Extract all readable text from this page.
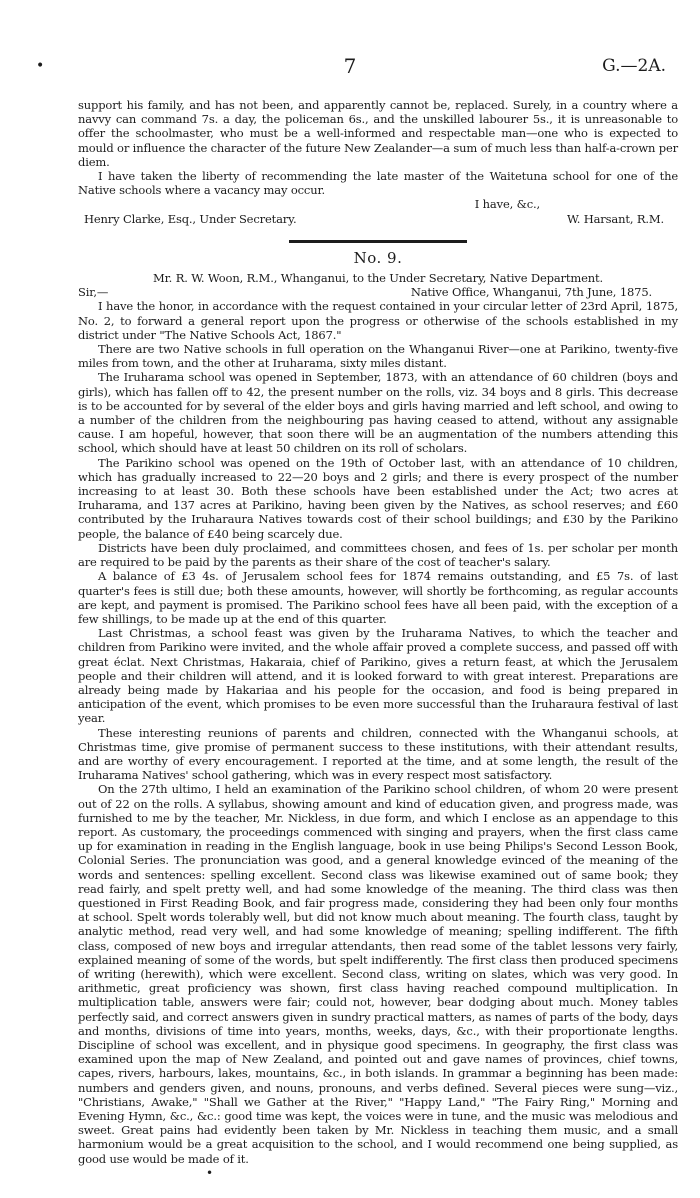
•	7	G.—2A.

support his family, and has not been, and apparently cannot be, replaced. Surely, in a country where a navvy can command 7s. a day, the policeman 6s., and the unskilled labourer 5s., it is unreasonable to offer the schoolmaster, who must be a well-informed and respectable man—one who is expected to mould or influence the character of the future New Zealander—a sum of much less than half-a-crown per diem.

I have taken the liberty of recommending the late master of the Waitetuna school for one of the Native schools where a vacancy may occur.

I have, &c.,

Henry Clarke, Esq., Under Secretary.	W. Harsant, R.M.
No. 9.

Mr. R. W. Woon, R.M., Whanganui, to the Under Secretary, Native Department.

Sir,—	Native Office, Whanganui, 7th June, 1875.

I have the honor, in accordance with the request contained in your circular letter of 23rd April, 1875, No. 2, to forward a general report upon the progress or otherwise of the schools established in my district under "The Native Schools Act, 1867."

There are two Native schools in full operation on the Whanganui River—one at Parikino, twenty-five miles from town, and the other at Iruharama, sixty miles distant.

The Iruharama school was opened in September, 1873, with an attendance of 60 children (boys and girls), which has fallen off to 42, the present number on the rolls, viz. 34 boys and 8 girls. This decrease is to be accounted for by several of the elder boys and girls having married and left school, and owing to a number of the children from the neighbouring pas having ceased to attend, without any assignable cause. I am hopeful, however, that soon there will be an augmentation of the numbers attending this school, which should have at least 50 children on its roll of scholars.

The Parikino school was opened on the 19th of October last, with an attendance of 10 children, which has gradually increased to 22—20 boys and 2 girls; and there is every prospect of the number increasing to at least 30. Both these schools have been established under the Act; two acres at Iruharama, and 137 acres at Parikino, having been given by the Natives, as school reserves; and £60 contributed by the Iruharaura Natives towards cost of their school buildings; and £30 by the Parikino people, the balance of £40 being scarcely due.

Districts have been duly proclaimed, and committees chosen, and fees of 1s. per scholar per month are required to be paid by the parents as their share of the cost of teacher's salary.

A balance of £3 4s. of Jerusalem school fees for 1874 remains outstanding, and £5 7s. of last quarter's fees is still due; both these amounts, however, will shortly be forthcoming, as regular accounts are kept, and payment is promised. The Parikino school fees have all been paid, with the exception of a few shillings, to be made up at the end of this quarter.

Last Christmas, a school feast was given by the Iruharama Natives, to which the teacher and children from Parikino were invited, and the whole affair proved a complete success, and passed off with great éclat. Next Christmas, Hakaraia, chief of Parikino, gives a return feast, at which the Jerusalem people and their children will attend, and it is looked forward to with great interest. Preparations are already being made by Hakariaa and his people for the occasion, and food is being prepared in anticipation of the event, which promises to be even more successful than the Iruharaura festival of last year.

These interesting reunions of parents and children, connected with the Whanganui schools, at Christmas time, give promise of permanent success to these institutions, with their attendant results, and are worthy of every encouragement. I reported at the time, and at some length, the result of the Iruharama Natives' school gathering, which was in every respect most satisfactory.

On the 27th ultimo, I held an examination of the Parikino school children, of whom 20 were present out of 22 on the rolls. A syllabus, showing amount and kind of education given, and progress made, was furnished to me by the teacher, Mr. Nickless, in due form, and which I enclose as an appendage to this report. As customary, the proceedings commenced with singing and prayers, when the first class came up for examination in reading in the English language, book in use being Philips's Second Lesson Book, Colonial Series. The pronunciation was good, and a general knowledge evinced of the meaning of the words and sentences: spelling excellent. Second class was likewise examined out of same book; they read fairly, and spelt pretty well, and had some knowledge of the meaning. The third class was then questioned in First Reading Book, and fair progress made, considering they had been only four months at school. Spelt words tolerably well, but did not know much about meaning. The fourth class, taught by analytic method, read very well, and had some knowledge of meaning; spelling indifferent. The fifth class, composed of new boys and irregular attendants, then read some of the tablet lessons very fairly, explained meaning of some of the words, but spelt indifferently. The first class then produced specimens of writing (herewith), which were excellent. Second class, writing on slates, which was very good. In arithmetic, great proficiency was shown, first class having reached compound multiplication. In multiplication table, answers were fair; could not, however, bear dodging about much. Money tables perfectly said, and correct answers given in sundry practical matters, as names of parts of the body, days and months, divisions of time into years, months, weeks, days, &c., with their proportionate lengths. Discipline of school was excellent, and in physique good specimens. In geography, the first class was examined upon the map of New Zealand, and pointed out and gave names of provinces, chief towns, capes, rivers, harbours, lakes, mountains, &c., in both islands. In grammar a beginning has been made: numbers and genders given, and nouns, pronouns, and verbs defined. Several pieces were sung—viz., "Christians, Awake," "Shall we Gather at the River," "Happy Land," "The Fairy Ring," Morning and Evening Hymn, &c., &c.: good time was kept, the voices were in tune, and the music was melodious and sweet. Great pains had evidently been taken by Mr. Nickless in teaching them music, and a small harmonium would be a great acquisition to the school, and I would recommend one being supplied, as good use would be made of it.

•
